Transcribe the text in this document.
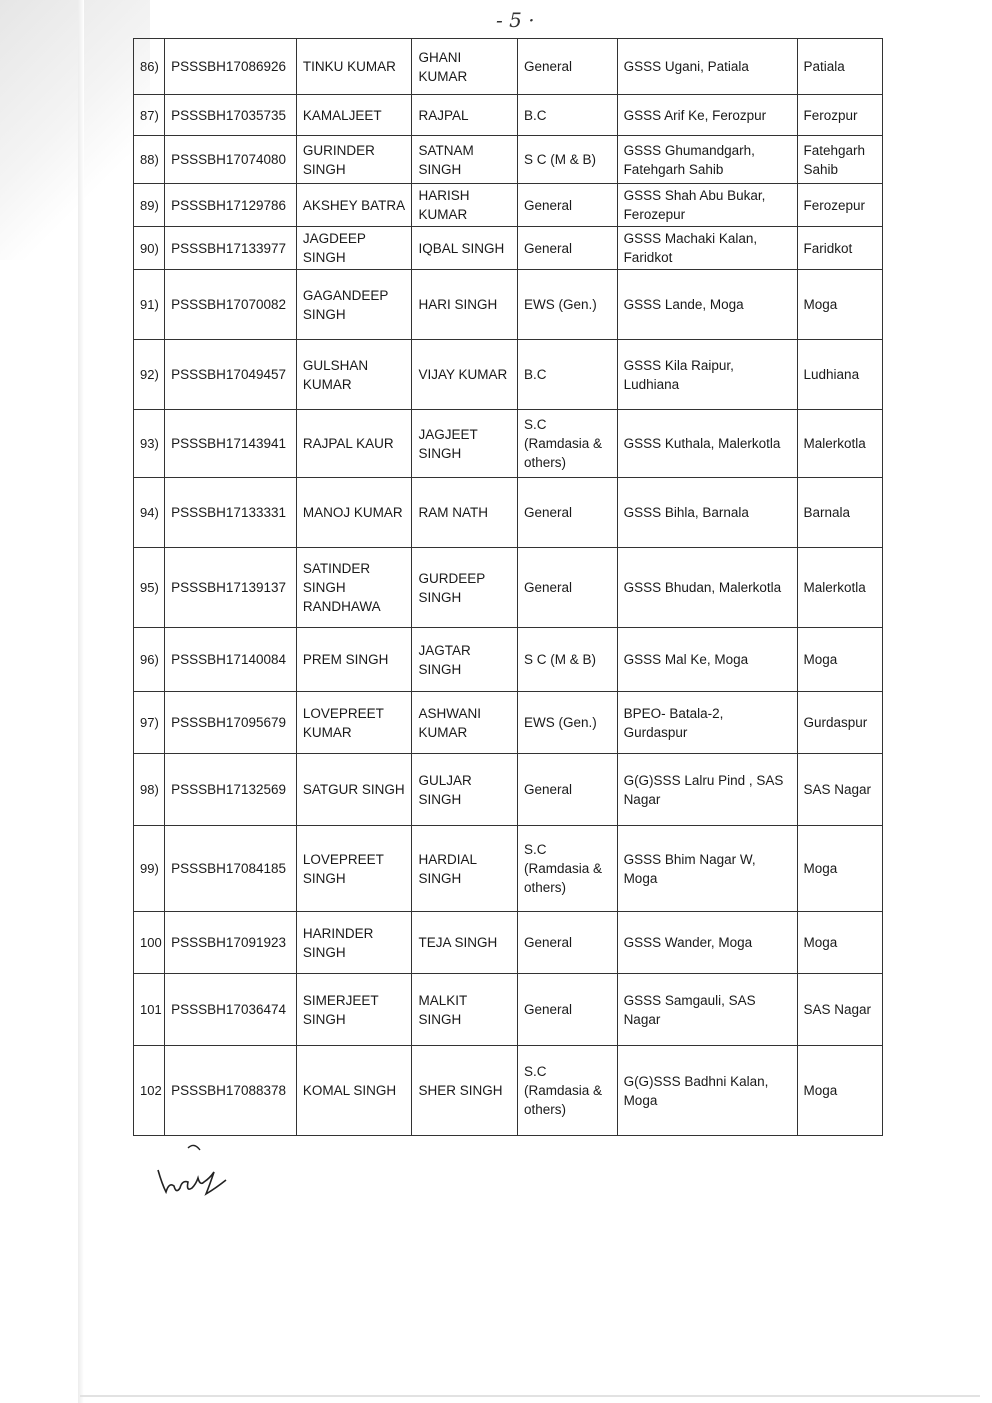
- 5 ·
86)	PSSSBH17086926	TINKU KUMAR	GHANI KUMAR	General	GSSS Ugani, Patiala	Patiala
87)	PSSSBH17035735	KAMALJEET	RAJPAL	B.C	GSSS Arif Ke, Ferozpur	Ferozpur
88)	PSSSBH17074080	GURINDER SINGH	SATNAM SINGH	S C (M & B)	GSSS Ghumandgarh, Fatehgarh Sahib	Fatehgarh Sahib
89)	PSSSBH17129786	AKSHEY BATRA	HARISH KUMAR	General	GSSS Shah Abu Bukar, Ferozepur	Ferozepur
90)	PSSSBH17133977	JAGDEEP SINGH	IQBAL SINGH	General	GSSS Machaki Kalan, Faridkot	Faridkot
91)	PSSSBH17070082	GAGANDEEP SINGH	HARI SINGH	EWS (Gen.)	GSSS Lande, Moga	Moga
92)	PSSSBH17049457	GULSHAN KUMAR	VIJAY KUMAR	B.C	GSSS Kila Raipur, Ludhiana	Ludhiana
93)	PSSSBH17143941	RAJPAL KAUR	JAGJEET SINGH	S.C (Ramdasia & others)	GSSS Kuthala, Malerkotla	Malerkotla
94)	PSSSBH17133331	MANOJ KUMAR	RAM NATH	General	GSSS Bihla, Barnala	Barnala
95)	PSSSBH17139137	SATINDER SINGH RANDHAWA	GURDEEP SINGH	General	GSSS Bhudan, Malerkotla	Malerkotla
96)	PSSSBH17140084	PREM SINGH	JAGTAR SINGH	S C (M & B)	GSSS Mal Ke, Moga	Moga
97)	PSSSBH17095679	LOVEPREET KUMAR	ASHWANI KUMAR	EWS (Gen.)	BPEO- Batala-2, Gurdaspur	Gurdaspur
98)	PSSSBH17132569	SATGUR SINGH	GULJAR SINGH	General	G(G)SSS Lalru Pind , SAS Nagar	SAS Nagar
99)	PSSSBH17084185	LOVEPREET SINGH	HARDIAL SINGH	S.C (Ramdasia & others)	GSSS Bhim Nagar W, Moga	Moga
100	PSSSBH17091923	HARINDER SINGH	TEJA SINGH	General	GSSS Wander, Moga	Moga
101	PSSSBH17036474	SIMERJEET SINGH	MALKIT SINGH	General	GSSS Samgauli, SAS Nagar	SAS Nagar
102	PSSSBH17088378	KOMAL SINGH	SHER SINGH	S.C (Ramdasia & others)	G(G)SSS Badhni Kalan, Moga	Moga
